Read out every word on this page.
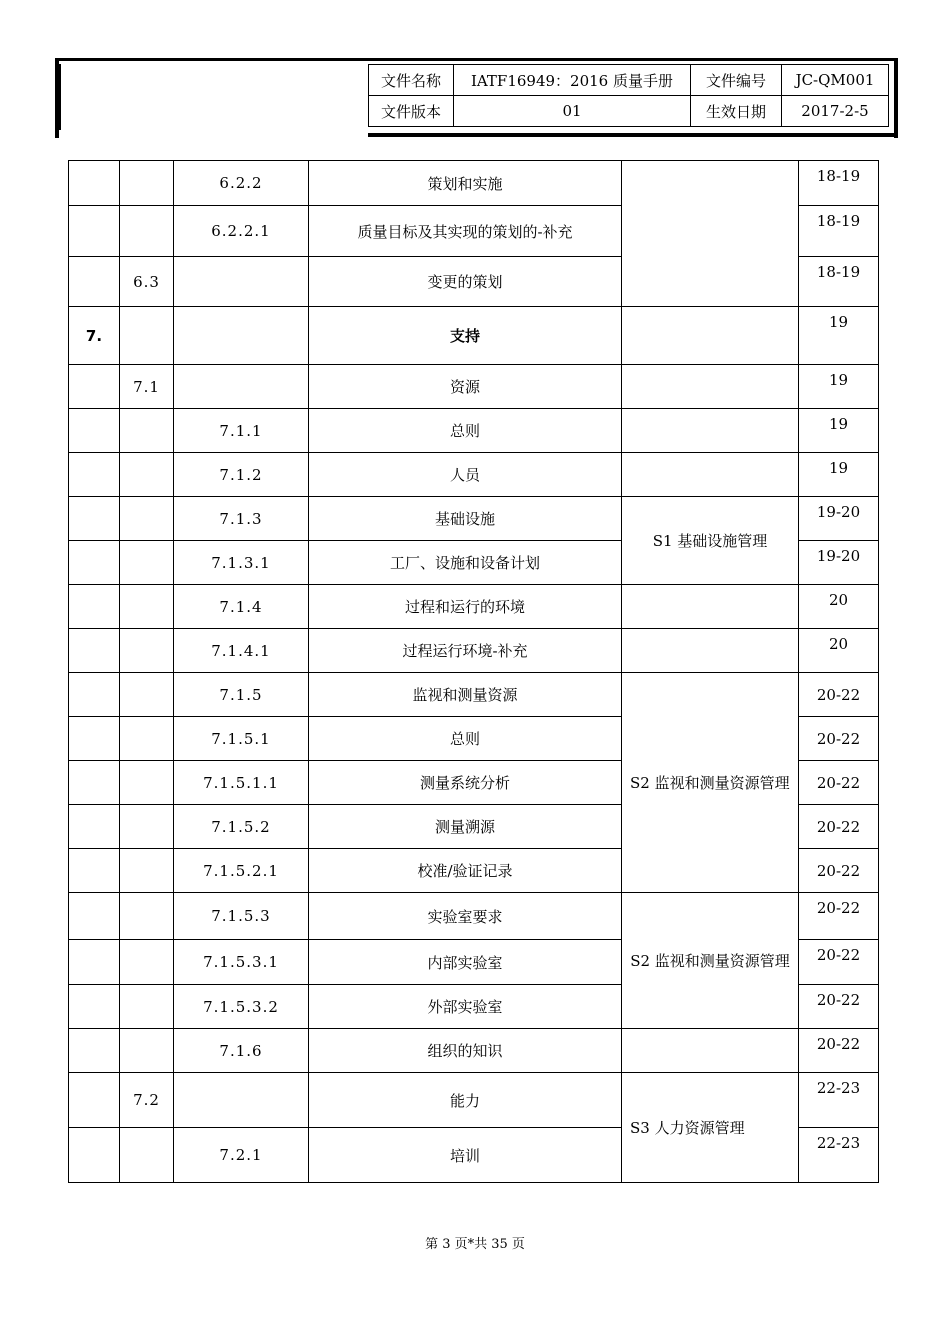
文件名称	IATF16949：2016 质量手册	文件编号	JC-QM001
文件版本	01	生效日期	2017-2-5
		6.2.2	策划和实施		18-19
		6.2.2.1	质量目标及其实现的策划的-补充		18-19
	6.3		变更的策划		18-19
7.			支持		19
	7.1		资源		19
		7.1.1	总则		19
		7.1.2	人员		19
		7.1.3	基础设施	S1 基础设施管理	19-20
		7.1.3.1	工厂、设施和设备计划		19-20
		7.1.4	过程和运行的环境		20
		7.1.4.1	过程运行环境-补充		20
		7.1.5	监视和测量资源	S2 监视和测量资源管理	20-22
		7.1.5.1	总则		20-22
		7.1.5.1.1	测量系统分析		20-22
		7.1.5.2	测量溯源		20-22
		7.1.5.2.1	校准/验证记录		20-22
		7.1.5.3	实验室要求	S2 监视和测量资源管理	20-22
		7.1.5.3.1	内部实验室		20-22
		7.1.5.3.2	外部实验室		20-22
		7.1.6	组织的知识		20-22
	7.2		能力	S3 人力资源管理	22-23
		7.2.1	培训		22-23
第 3 页*共 35 页
